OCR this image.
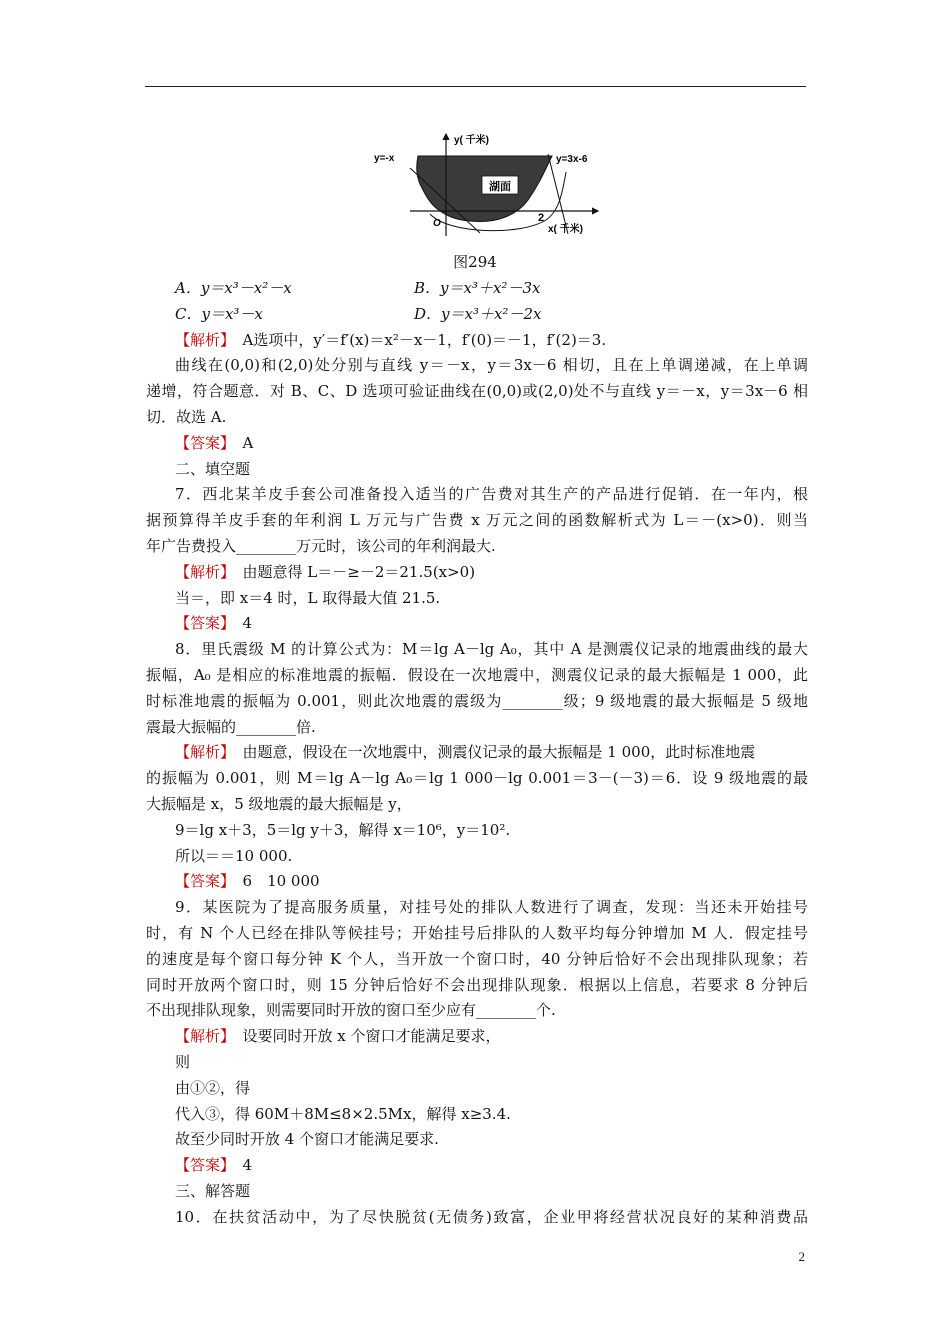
湖面
y( 千米)
y=-x	y=3x-6
O	2
x( 千米)
图294
A．y＝x³－x²－x	B．y＝x³＋x²－3x
C．y＝x³－x	D．y＝x³＋x²－2x
【解析】　 A选项中，y′＝f′(x)＝x²－x－1，f′(0)＝－1，f′(2)＝3.
曲线在(0,0)和(2,0)处分别与直线 y＝－x，y＝3x－6 相切，且在上单调递减，在上单调
递增，符合题意．对 B、C、D 选项可验证曲线在(0,0)或(2,0)处不与直线 y＝－x，y＝3x－6 相
切．故选 A.
【答案】　 A
二、填空题
7．西北某羊皮手套公司准备投入适当的广告费对其生产的产品进行促销．在一年内，根
据预算得羊皮手套的年利润 L 万元与广告费 x 万元之间的函数解析式为 L＝－(x>0)．则当
年广告费投入________万元时，该公司的年利润最大.
【解析】　 由题意得 L＝－≥－2＝21.5(x>0)
当＝，即 x＝4 时，L 取得最大值 21.5.
【答案】　 4
8．里氏震级 M 的计算公式为：M＝lg A－lg A₀，其中 A 是测震仪记录的地震曲线的最大
振幅，A₀ 是相应的标准地震的振幅．假设在一次地震中，测震仪记录的最大振幅是 1 000，此
时标准地震的振幅为 0.001，则此次地震的震级为________级；9 级地震的最大振幅是 5 级地
震最大振幅的________倍.
【解析】　 由题意，假设在一次地震中，测震仪记录的最大振幅是 1 000，此时标准地震
的振幅为 0.001，则 M＝lg A－lg A₀＝lg 1 000－lg 0.001＝3－(－3)＝6．设 9 级地震的最
大振幅是 x，5 级地震的最大振幅是 y，
9＝lg x＋3，5＝lg y＋3，解得 x＝10⁶，y＝10².
所以＝＝10 000.
【答案】　 6　10 000
9．某医院为了提高服务质量，对挂号处的排队人数进行了调查，发现：当还未开始挂号
时，有 N 个人已经在排队等候挂号；开始挂号后排队的人数平均每分钟增加 M 人．假定挂号
的速度是每个窗口每分钟 K 个人，当开放一个窗口时，40 分钟后恰好不会出现排队现象；若
同时开放两个窗口时，则 15 分钟后恰好不会出现排队现象．根据以上信息，若要求 8 分钟后
不出现排队现象，则需要同时开放的窗口至少应有________个.
【解析】　 设要同时开放 x 个窗口才能满足要求，
则
由①②，得
代入③，得 60M＋8M≤8×2.5Mx，解得 x≥3.4.
故至少同时开放 4 个窗口才能满足要求.
【答案】　 4
三、解答题
10．在扶贫活动中，为了尽快脱贫(无债务)致富，企业甲将经营状况良好的某种消费品
2
